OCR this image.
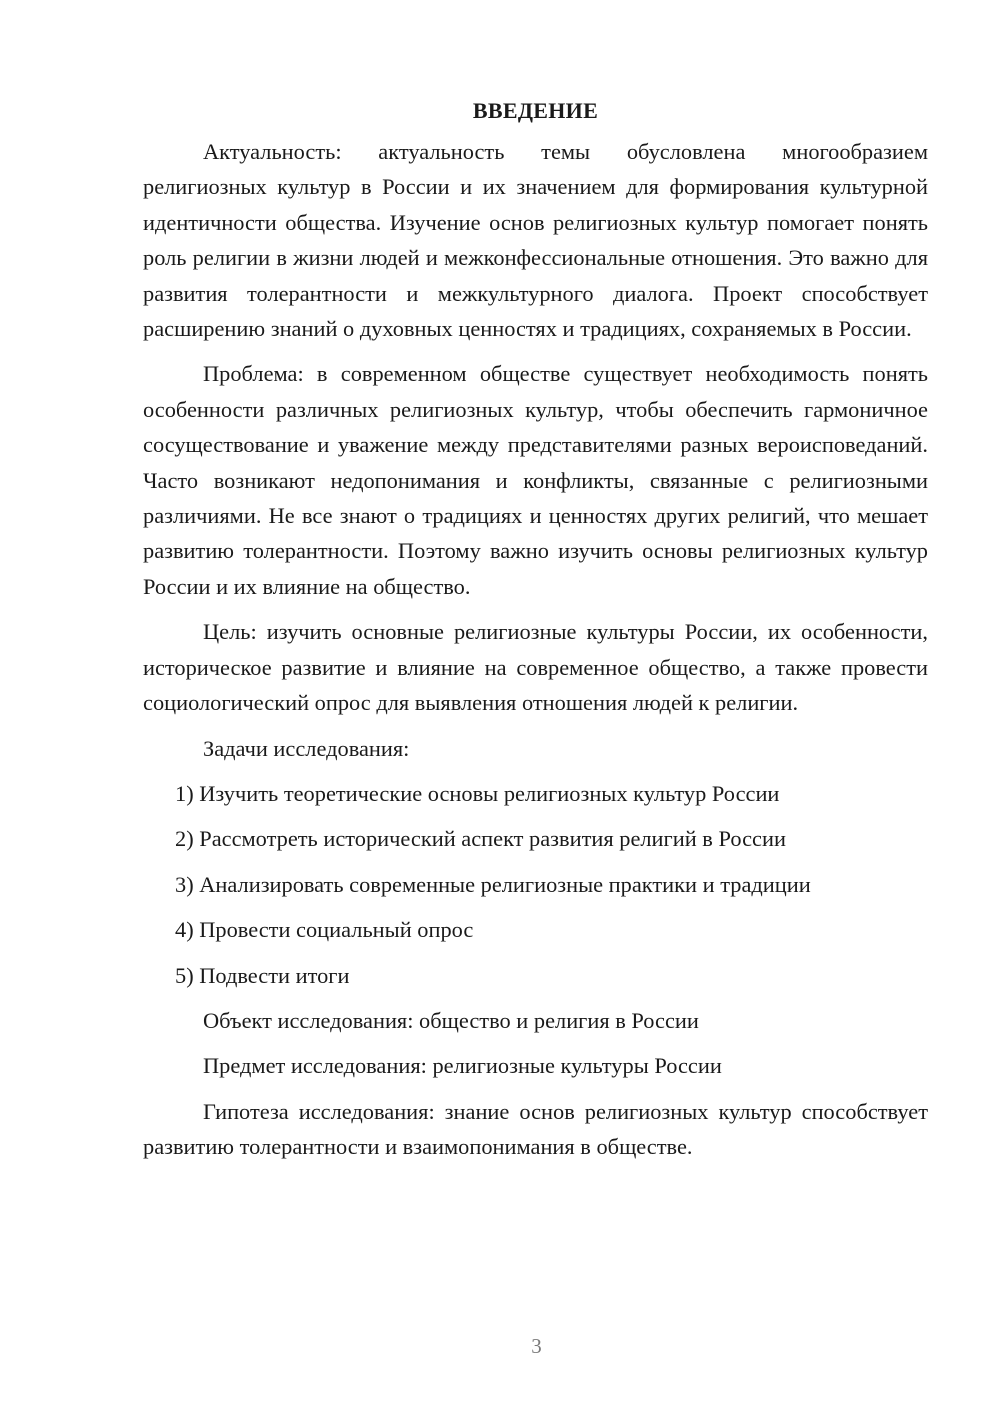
ВВЕДЕНИЕ

Актуальность: актуальность темы обусловлена многообразием религиозных культур в России и их значением для формирования культурной идентичности общества. Изучение основ религиозных культур помогает понять роль религии в жизни людей и межконфессиональные отношения. Это важно для развития толерантности и межкультурного диалога. Проект способствует расширению знаний о духовных ценностях и традициях, сохраняемых в России.

Проблема: в современном обществе существует необходимость понять особенности различных религиозных культур, чтобы обеспечить гармоничное сосуществование и уважение между представителями разных вероисповеданий. Часто возникают недопонимания и конфликты, связанные с религиозными различиями. Не все знают о традициях и ценностях других религий, что мешает развитию толерантности. Поэтому важно изучить основы религиозных культур России и их влияние на общество.

Цель: изучить основные религиозные культуры России, их особенности, историческое развитие и влияние на современное общество, а также провести социологический опрос для выявления отношения людей к религии.

Задачи исследования:
1) Изучить теоретические основы религиозных культур России
2) Рассмотреть исторический аспект развития религий в России
3) Анализировать современные религиозные практики и традиции
4) Провести социальный опрос
5) Подвести итоги
Объект исследования: общество и религия в России
Предмет исследования: религиозные культуры России

Гипотеза исследования: знание основ религиозных культур способствует развитию толерантности и взаимопонимания в обществе.

3
